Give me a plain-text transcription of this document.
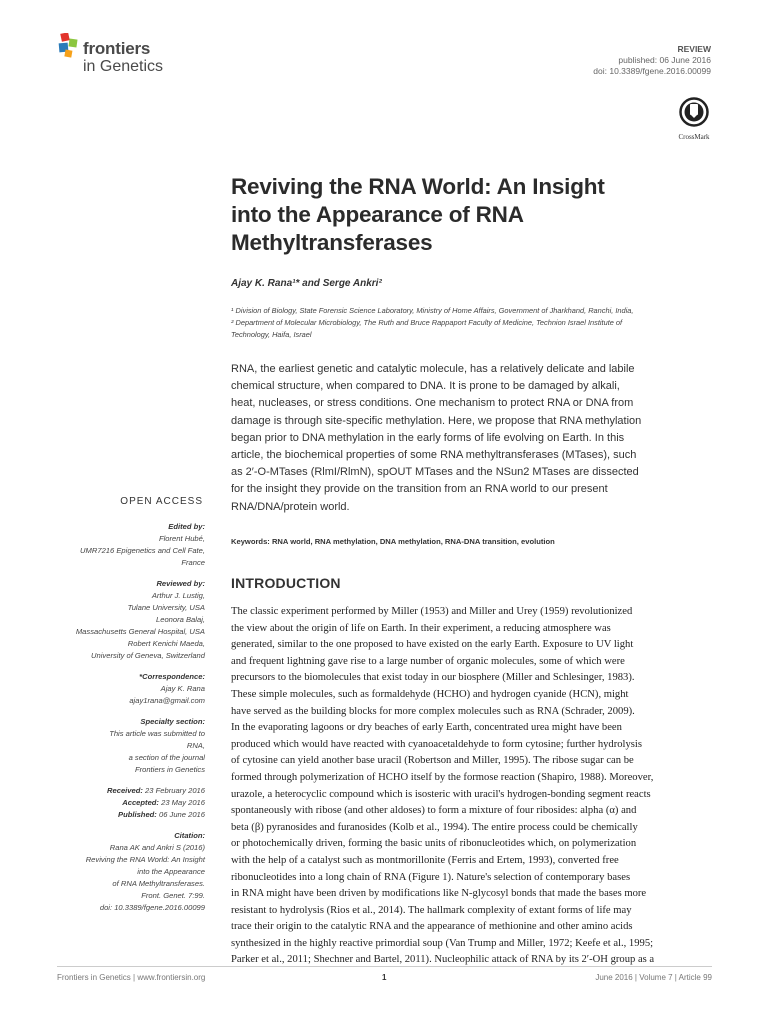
frontiers
in Genetics
REVIEW
published: 06 June 2016
doi: 10.3389/fgene.2016.00099
CrossMark
Reviving the RNA World: An Insight
into the Appearance of RNA
Methyltransferases
Ajay K. Rana¹* and Serge Ankri²
¹ Division of Biology, State Forensic Science Laboratory, Ministry of Home Affairs, Government of Jharkhand, Ranchi, India,
² Department of Molecular Microbiology, The Ruth and Bruce Rappaport Faculty of Medicine, Technion Israel Institute of
Technology, Haifa, Israel
RNA, the earliest genetic and catalytic molecule, has a relatively delicate and labile
chemical structure, when compared to DNA. It is prone to be damaged by alkali,
heat, nucleases, or stress conditions. One mechanism to protect RNA or DNA from
damage is through site-specific methylation. Here, we propose that RNA methylation
began prior to DNA methylation in the early forms of life evolving on Earth. In this
article, the biochemical properties of some RNA methyltransferases (MTases), such
as 2′-O-MTases (RlmI/RlmN), spOUT MTases and the NSun2 MTases are dissected
for the insight they provide on the transition from an RNA world to our present
RNA/DNA/protein world.
Keywords: RNA world, RNA methylation, DNA methylation, RNA-DNA transition, evolution
INTRODUCTION
The classic experiment performed by Miller (1953) and Miller and Urey (1959) revolutionized
the view about the origin of life on Earth. In their experiment, a reducing atmosphere was
generated, similar to the one proposed to have existed on the early Earth. Exposure to UV light
and frequent lightning gave rise to a large number of organic molecules, some of which were
precursors to the biomolecules that exist today in our biosphere (Miller and Schlesinger, 1983).
These simple molecules, such as formaldehyde (HCHO) and hydrogen cyanide (HCN), might
have served as the building blocks for more complex molecules such as RNA (Schrader, 2009).
In the evaporating lagoons or dry beaches of early Earth, concentrated urea might have been
produced which would have reacted with cyanoacetaldehyde to form cytosine; further hydrolysis
of cytosine can yield another base uracil (Robertson and Miller, 1995). The ribose sugar can be
formed through polymerization of HCHO itself by the formose reaction (Shapiro, 1988). Moreover,
urazole, a heterocyclic compound which is isosteric with uracil's hydrogen-bonding segment reacts
spontaneously with ribose (and other aldoses) to form a mixture of four ribosides: alpha (α) and
beta (β) pyranosides and furanosides (Kolb et al., 1994). The entire process could be chemically
or photochemically driven, forming the basic units of ribonucleotides which, on polymerization
with the help of a catalyst such as montmorillonite (Ferris and Ertem, 1993), converted free
ribonucleotides into a long chain of RNA (Figure 1). Nature's selection of contemporary bases
in RNA might have been driven by modifications like N-glycosyl bonds that made the bases more
resistant to hydrolysis (Rios et al., 2014). The hallmark complexity of extant forms of life may
trace their origin to the catalytic RNA and the appearance of methionine and other amino acids
synthesized in the highly reactive primordial soup (Van Trump and Miller, 1972; Keefe et al., 1995;
Parker et al., 2011; Shechner and Bartel, 2011). Nucleophilic attack of RNA by its 2′-OH group as a
OPEN ACCESS
Edited by:
Florent Hubé,
UMR7216 Epigenetics and Cell Fate,
France
Reviewed by:
Arthur J. Lustig,
Tulane University, USA
Leonora Balaj,
Massachusetts General Hospital, USA
Robert Kenichi Maeda,
University of Geneva, Switzerland
*Correspondence:
Ajay K. Rana
ajay1rana@gmail.com
Specialty section:
This article was submitted to
RNA,
a section of the journal
Frontiers in Genetics
Received: 23 February 2016
Accepted: 23 May 2016
Published: 06 June 2016
Citation:
Rana AK and Ankri S (2016)
Reviving the RNA World: An Insight
into the Appearance
of RNA Methyltransferases.
Front. Genet. 7:99.
doi: 10.3389/fgene.2016.00099
Frontiers in Genetics | www.frontiersin.org	1	June 2016 | Volume 7 | Article 99
